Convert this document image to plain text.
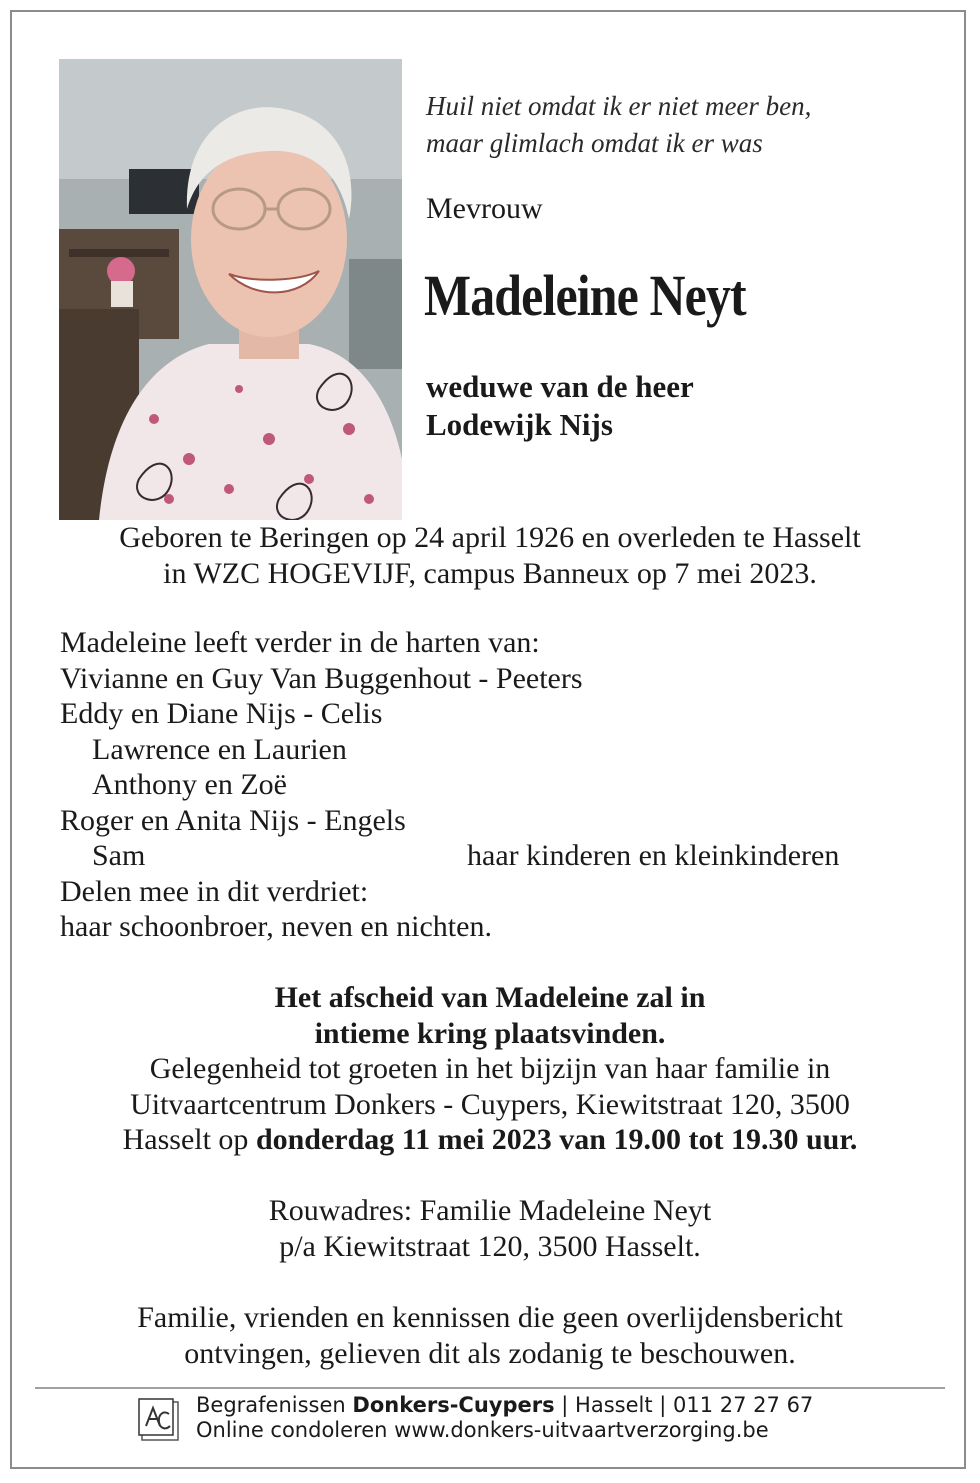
Huil niet omdat ik er niet meer ben,
maar glimlach omdat ik er was
Mevrouw
Madeleine Neyt
weduwe van de heer
Lodewijk Nijs
Geboren te Beringen op 24 april 1926 en overleden te Hasselt
in WZC HOGEVIJF, campus Banneux op 7 mei 2023.
Madeleine leeft verder in de harten van:
Vivianne en Guy Van Buggenhout - Peeters
Eddy en Diane Nijs - Celis
Lawrence en Laurien
Anthony en Zoë
Roger en Anita Nijs - Engels
Sam	haar kinderen en kleinkinderen
Delen mee in dit verdriet:
haar schoonbroer, neven en nichten.
Het afscheid van Madeleine zal in
intieme kring plaatsvinden.
Gelegenheid tot groeten in het bijzijn van haar familie in
Uitvaartcentrum Donkers - Cuypers, Kiewitstraat 120, 3500
Hasselt op donderdag 11 mei 2023 van 19.00 tot 19.30 uur.
Rouwadres: Familie Madeleine Neyt
p/a Kiewitstraat 120, 3500 Hasselt.
Familie, vrienden en kennissen die geen overlijdensbericht
ontvingen, gelieven dit als zodanig te beschouwen.
Begrafenissen Donkers-Cuypers | Hasselt | 011 27 27 67
Online condoleren www.donkers-uitvaartverzorging.be
